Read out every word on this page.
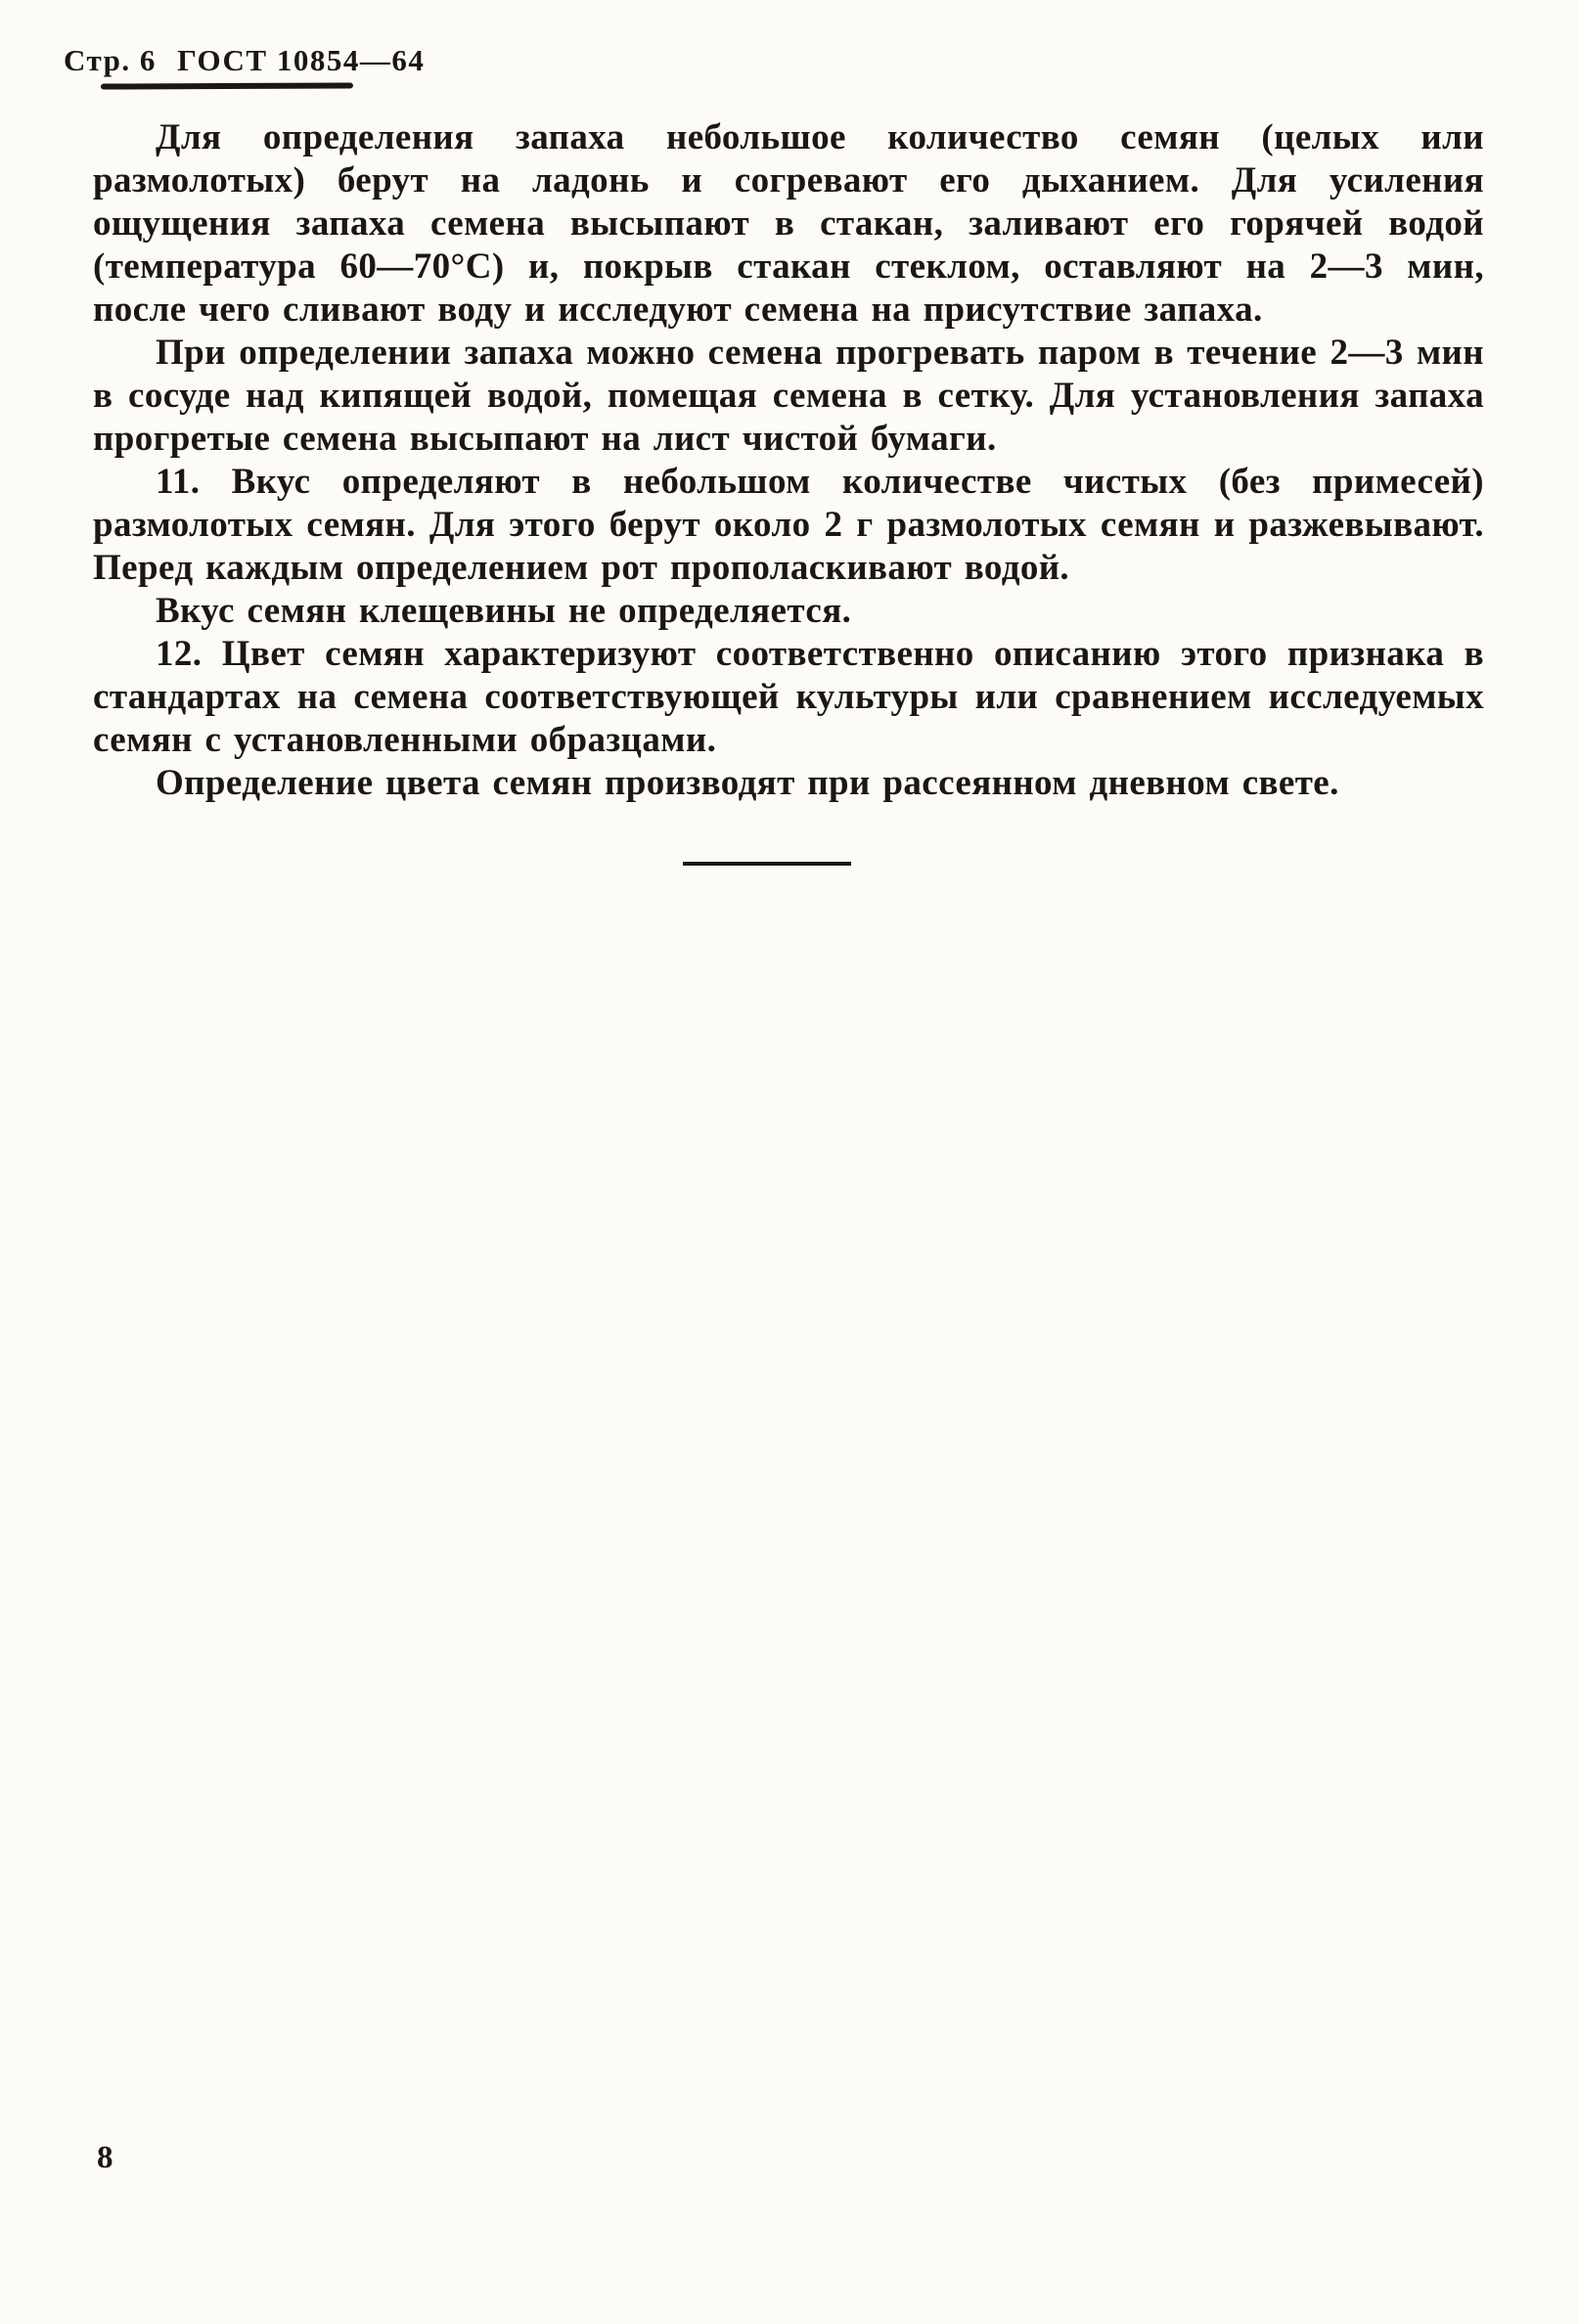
Стр. 6 ГОСТ 10854—64

Для определения запаха небольшое количество семян (целых или размолотых) берут на ладонь и согревают его дыханием. Для усиления ощущения запаха семена высыпают в стакан, заливают его горячей водой (температура 60—70°С) и, покрыв стакан стеклом, оставляют на 2—3 мин, после чего сливают воду и исследуют семена на присутствие запаха.

При определении запаха можно семена прогревать паром в течение 2—3 мин в сосуде над кипящей водой, помещая семена в сетку. Для установления запаха прогретые семена высыпают на лист чистой бумаги.

11. Вкус определяют в небольшом количестве чистых (без примесей) размолотых семян. Для этого берут около 2 г размолотых семян и разжевывают. Перед каждым определением рот прополаскивают водой.

Вкус семян клещевины не определяется.

12. Цвет семян характеризуют соответственно описанию этого признака в стандартах на семена соответствующей культуры или сравнением исследуемых семян с установленными образцами.

Определение цвета семян производят при рассеянном дневном свете.

8
